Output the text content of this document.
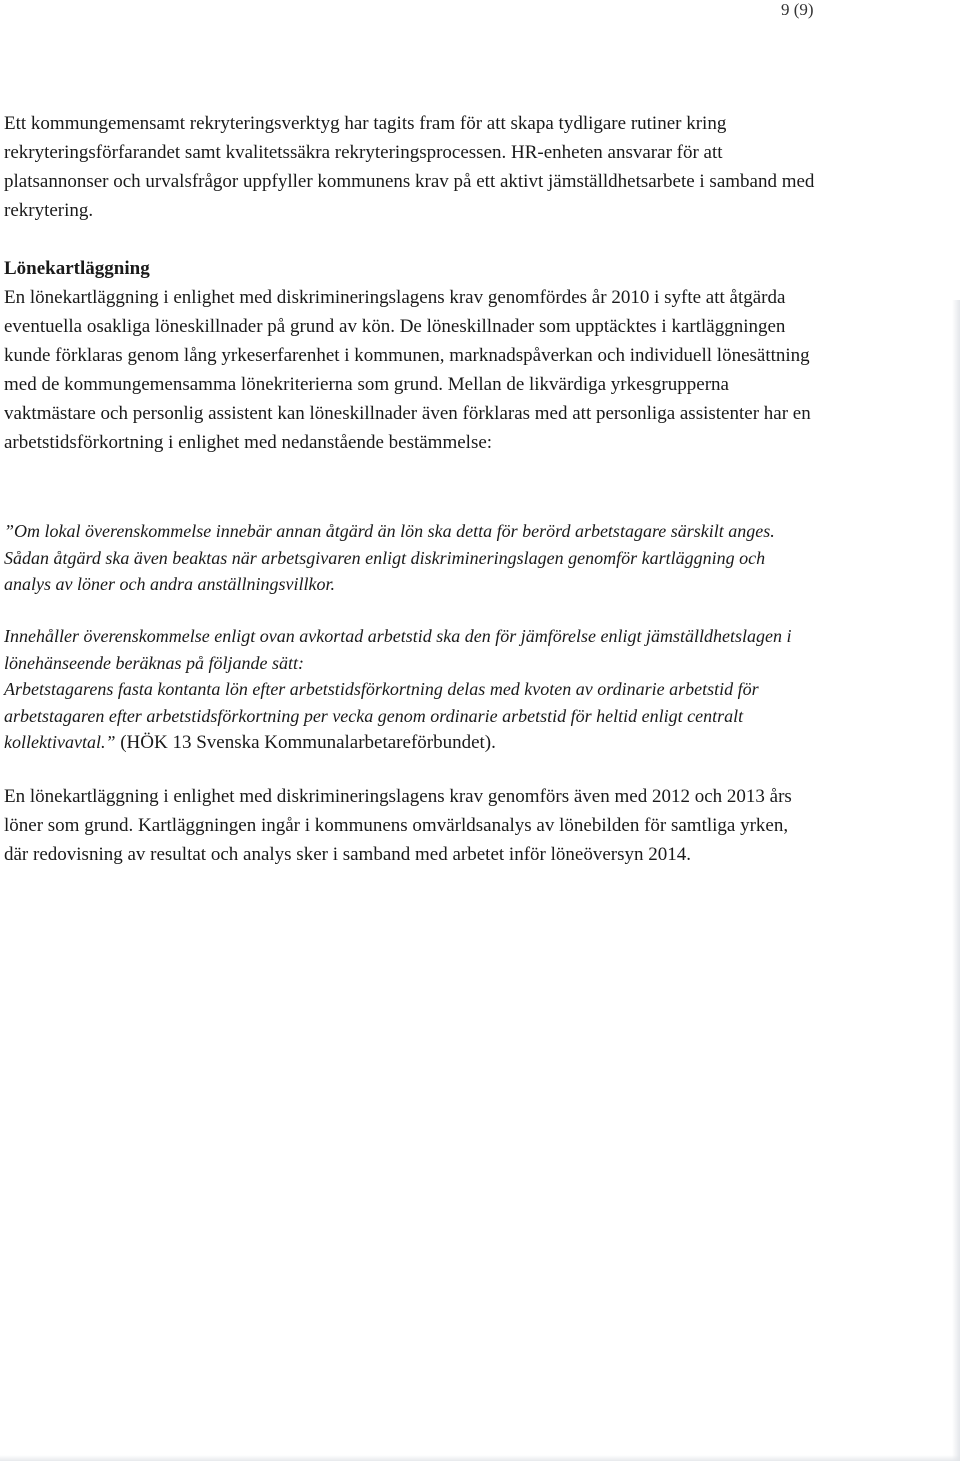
9 (9)

Ett kommungemensamt rekryteringsverktyg har tagits fram för att skapa tydligare rutiner kring rekryteringsförfarandet samt kvalitetssäkra rekryteringsprocessen. HR-enheten ansvarar för att platsannonser och urvalsfrågor uppfyller kommunens krav på ett aktivt jämställdhetsarbete i samband med rekrytering.

Lönekartläggning

En lönekartläggning i enlighet med diskrimineringslagens krav genomfördes år 2010 i syfte att åtgärda eventuella osakliga löneskillnader på grund av kön. De löneskillnader som upptäcktes i kartläggningen kunde förklaras genom lång yrkeserfarenhet i kommunen, marknadspåverkan och individuell lönesättning med de kommungemensamma lönekriterierna som grund. Mellan de likvärdiga yrkesgrupperna vaktmästare och personlig assistent kan löneskillnader även förklaras med att personliga assistenter har en arbetstidsförkortning i enlighet med nedanstående bestämmelse:

”Om lokal överenskommelse innebär annan åtgärd än lön ska detta för berörd arbetstagare särskilt anges. Sådan åtgärd ska även beaktas när arbetsgivaren enligt diskrimineringslagen genomför kartläggning och analys av löner och andra anställningsvillkor.

Innehåller överenskommelse enligt ovan avkortad arbetstid ska den för jämförelse enligt jämställdhetslagen i lönehänseende beräknas på följande sätt:
Arbetstagarens fasta kontanta lön efter arbetstidsförkortning delas med kvoten av ordinarie arbetstid för arbetstagaren efter arbetstidsförkortning per vecka genom ordinarie arbetstid för heltid enligt centralt kollektivavtal.” (HÖK 13 Svenska Kommunalarbetareförbundet).

En lönekartläggning i enlighet med diskrimineringslagens krav genomförs även med 2012 och 2013 års löner som grund. Kartläggningen ingår i kommunens omvärldsanalys av lönebilden för samtliga yrken, där redovisning av resultat och analys sker i samband med arbetet inför löneöversyn 2014.
